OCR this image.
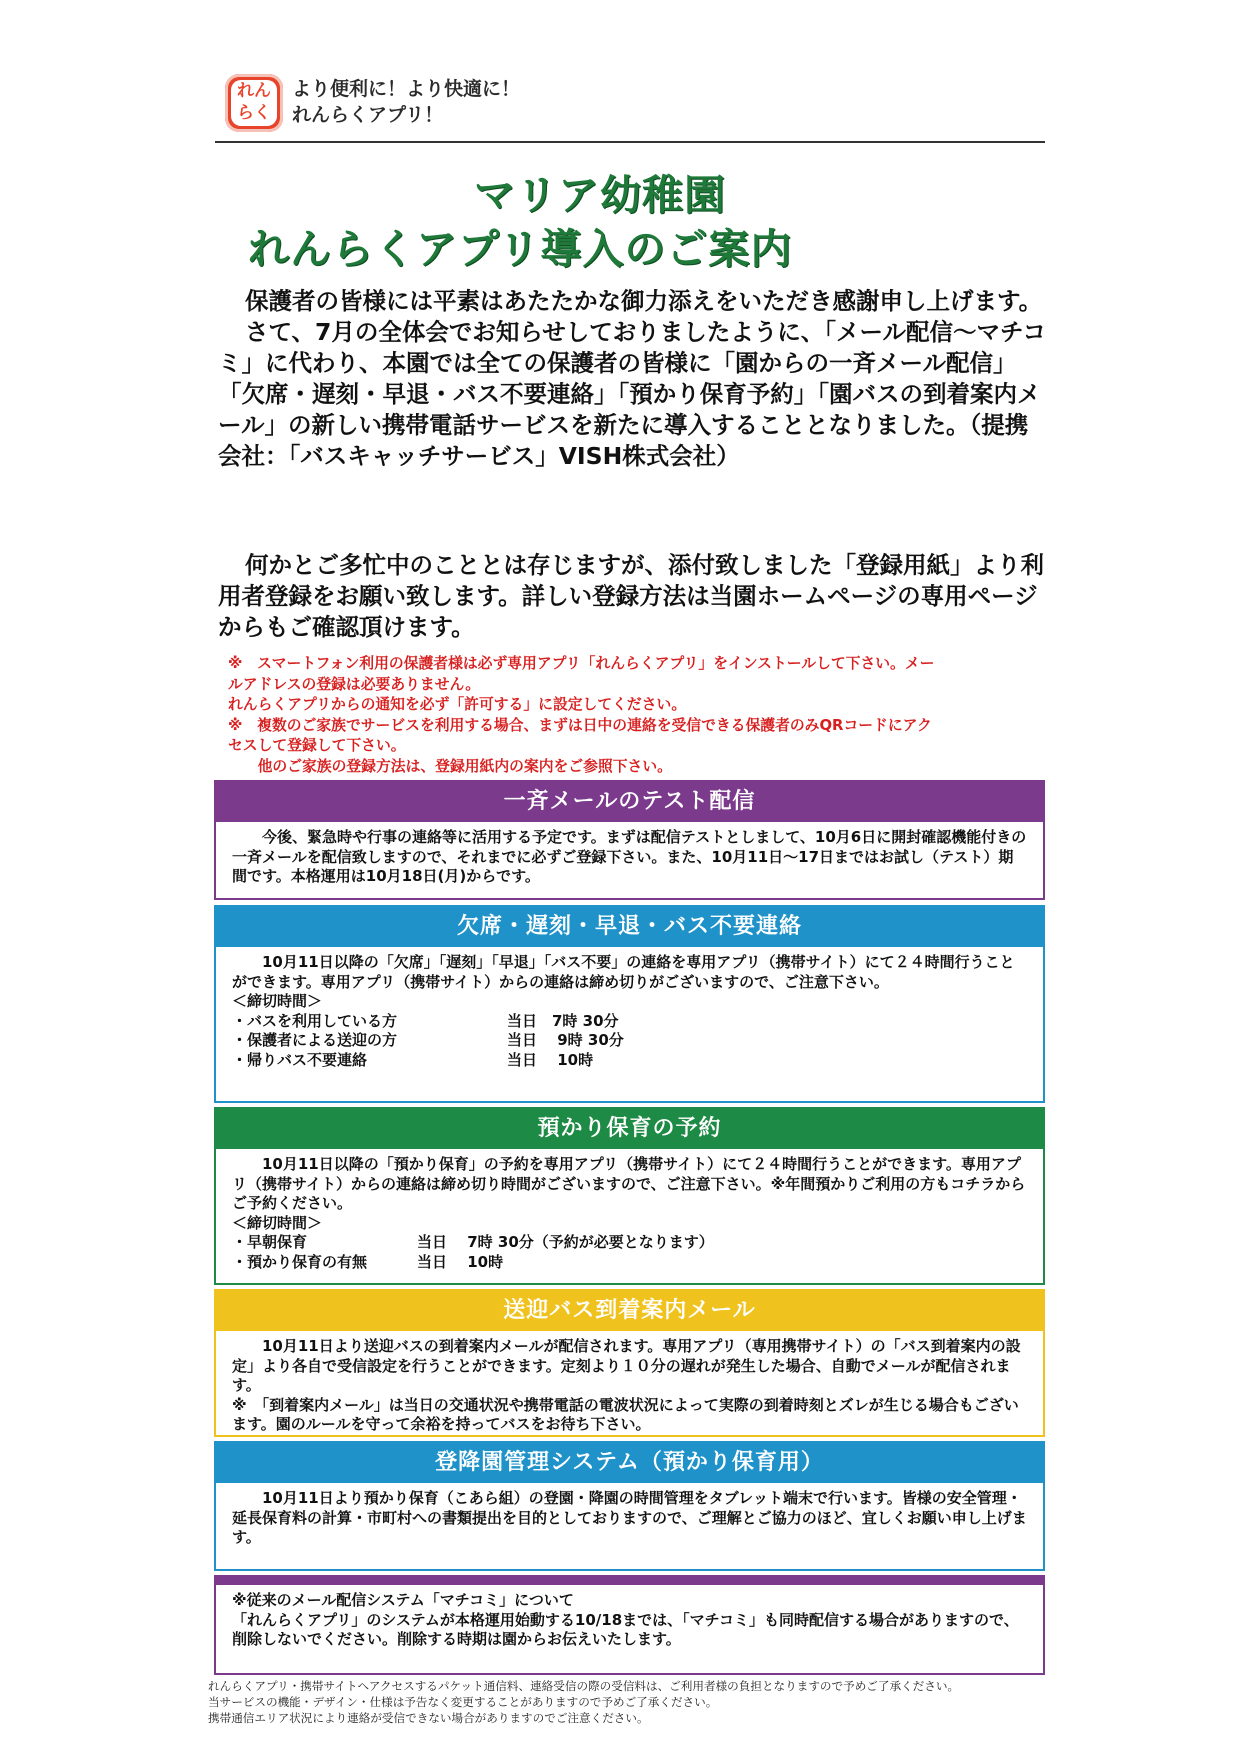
れん
らく
より便利に！より快適に！
れんらくアプリ！
マリア幼稚園
れんらくアプリ導入のご案内

保護者の皆様には平素はあたたかな御力添えをいただき感謝申し上げます。

さて、7月の全体会でお知らせしておりましたように、「メール配信〜マチコミ」に代わり、本園では全ての保護者の皆様に「園からの一斉メール配信」「欠席・遅刻・早退・バス不要連絡」「預かり保育予約」「園バスの到着案内メール」の新しい携帯電話サービスを新たに導入することとなりました。（提携会社：「バスキャッチサービス」VISH株式会社）

何かとご多忙中のこととは存じますが、添付致しました「登録用紙」より利用者登録をお願い致します。詳しい登録方法は当園ホームページの専用ページからもご確認頂けます。

※　スマートフォン利用の保護者様は必ず専用アプリ「れんらくアプリ」をインストールして下さい。メー
ルアドレスの登録は必要ありません。
れんらくアプリからの通知を必ず「許可する」に設定してください。
※　複数のご家族でサービスを利用する場合、まずは日中の連絡を受信できる保護者のみQRコードにアク
セスして登録して下さい。
　　他のご家族の登録方法は、登録用紙内の案内をご参照下さい。
一斉メールのテスト配信

今後、緊急時や行事の連絡等に活用する予定です。まずは配信テストとしまして、10月6日に開封確認機能付きの一斉メールを配信致しますので、それまでに必ずご登録下さい。また、10月11日〜17日まではお試し（テスト）期間です。本格運用は10月18日(月)からです。

欠席・遅刻・早退・バス不要連絡

10月11日以降の「欠席」「遅刻」「早退」「バス不要」の連絡を専用アプリ（携帯サイト）にて２４時間行うことができます。専用アプリ（携帯サイト）からの連絡は締め切りがございますので、ご注意下さい。

＜締切時間＞

・バスを利用している方	当日　7時 30分
・保護者による送迎の方	当日　 9時 30分
・帰りバス不要連絡	当日　 10時
預かり保育の予約

10月11日以降の「預かり保育」の予約を専用アプリ（携帯サイト）にて２４時間行うことができます。専用アプリ（携帯サイト）からの連絡は締め切り時間がございますので、ご注意下さい。※年間預かりご利用の方もコチラからご予約ください。

＜締切時間＞

・早朝保育	当日　 7時 30分（予約が必要となります）
・預かり保育の有無	当日　 10時
送迎バス到着案内メール

10月11日より送迎バスの到着案内メールが配信されます。専用アプリ（専用携帯サイト）の「バス到着案内の設定」より各自で受信設定を行うことができます。定刻より１０分の遅れが発生した場合、自動でメールが配信されます。

※　「到着案内メール」は当日の交通状況や携帯電話の電波状況によって実際の到着時刻とズレが生じる場合もございます。園のルールを守って余裕を持ってバスをお待ち下さい。

登降園管理システム（預かり保育用）

10月11日より預かり保育（こあら組）の登園・降園の時間管理をタブレット端末で行います。皆様の安全管理・延長保育料の計算・市町村への書類提出を目的としておりますので、ご理解とご協力のほど、宜しくお願い申し上げます。

※従来のメール配信システム「マチコミ」について

「れんらくアプリ」のシステムが本格運用始動する10/18までは、「マチコミ」も同時配信する場合がありますので、削除しないでください。削除する時期は園からお伝えいたします。

れんらくアプリ・携帯サイトへアクセスするパケット通信料、連絡受信の際の受信料は、ご利用者様の負担となりますので予めご了承ください。
当サービスの機能・デザイン・仕様は予告なく変更することがありますので予めご了承ください。
携帯通信エリア状況により連絡が受信できない場合がありますのでご注意ください。
